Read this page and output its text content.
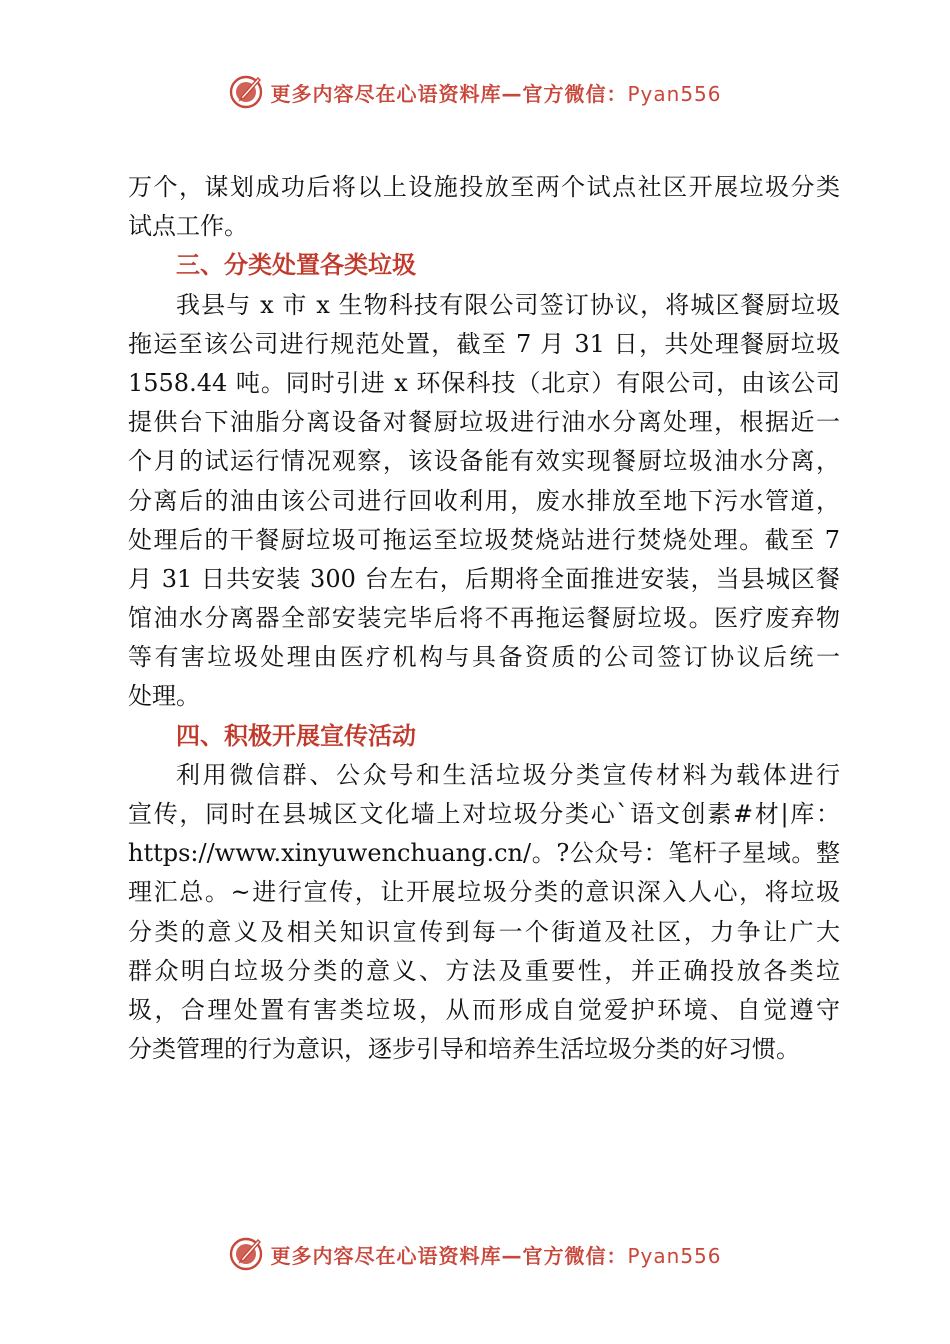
更多内容尽在心语资料库—官方微信：Pyan556
万个，谋划成功后将以上设施投放至两个试点社区开展垃圾分类
试点工作。
三、分类处置各类垃圾
我县与 x 市 x 生物科技有限公司签订协议，将城区餐厨垃圾
拖运至该公司进行规范处置，截至 7 月 31 日，共处理餐厨垃圾
1558.44 吨。同时引进 x 环保科技（北京）有限公司，由该公司
提供台下油脂分离设备对餐厨垃圾进行油水分离处理，根据近一
个月的试运行情况观察，该设备能有效实现餐厨垃圾油水分离，
分离后的油由该公司进行回收利用，废水排放至地下污水管道，
处理后的干餐厨垃圾可拖运至垃圾焚烧站进行焚烧处理。截至 7
月 31 日共安装 300 台左右，后期将全面推进安装，当县城区餐
馆油水分离器全部安装完毕后将不再拖运餐厨垃圾。医疗废弃物
等有害垃圾处理由医疗机构与具备资质的公司签订协议后统一
处理。
四、积极开展宣传活动
利用微信群、公众号和生活垃圾分类宣传材料为载体进行
宣传，同时在县城区文化墙上对垃圾分类心`语文创素#材|库：
https://www.xinyuwenchuang.cn/。?公众号：笔杆子星域。整
理汇总。~进行宣传，让开展垃圾分类的意识深入人心，将垃圾
分类的意义及相关知识宣传到每一个街道及社区，力争让广大
群众明白垃圾分类的意义、方法及重要性，并正确投放各类垃
圾，合理处置有害类垃圾，从而形成自觉爱护环境、自觉遵守
分类管理的行为意识，逐步引导和培养生活垃圾分类的好习惯。
更多内容尽在心语资料库—官方微信：Pyan556
